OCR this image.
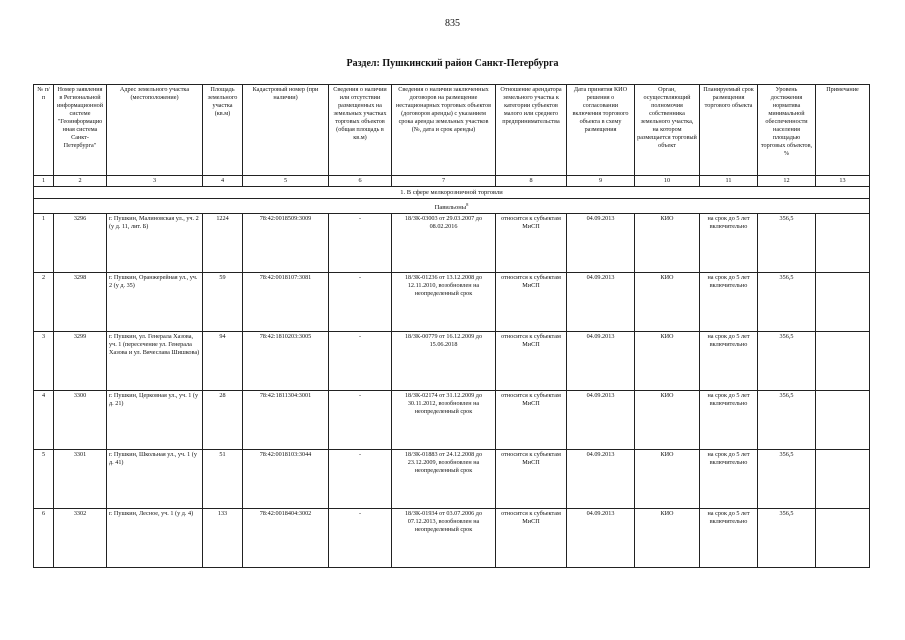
835
Раздел: Пушкинский район Санкт-Петербурга
№ п/п	Номер заявления в Региональной информационной системе "Геоинформацио нная система Санкт-Петербурга"	Адрес земельного участка (местоположение)	Площадь земельного участка (кв.м)	Кадастровый номер (при наличии)	Сведения о наличии или отсутствии размещенных на земельных участках торговых объектов (общая площадь в кв.м)	Сведения о наличии заключенных договоров на размещение нестационарных торговых объектов (договоров аренды) с указанием срока аренды земельных участков (№, дата и срок аренды)	Отношение арендатора земельного участка к категории субъектов малого или среднего предпринимательства	Дата принятия КИО решения о согласовании включения торгового объекта в схему размещения	Орган, осуществляющий полномочия собственника земельного участка, на котором размещается торговый объект	Планируемый срок размещения торгового объекта	Уровень достижения норматива минимальной обеспеченности населения площадью торговых объектов, %	Примечание
1	2	3	4	5	6	7	8	9	10	11	12	13
1. В сфере мелкорозничной торговли												
Павильоны$^8$
1	3296	г. Пушкин, Малиновская ул., уч. 2 (у д. 11, лит. Б)	1224	78:42:0018509:3009	-	18/ЗК-03003 от 29.03.2007 до 08.02.2016	относится к субъектам МиСП	04.09.2013	КИО	на срок до 5 лет включительно	356,5	
2	3298	г. Пушкин, Оранжерейная ул., уч. 2 (у д. 35)	59	78:42:0018107:3081	-	18/ЗК-01236 от 13.12.2008 до 12.11.2010, возобновлен на неопределенный срок	относится к субъектам МиСП	04.09.2013	КИО	на срок до 5 лет включительно	356,5	
3	3299	г. Пушкин, ул. Генерала Хазова, уч. 1 (пересечение ул. Генерала Хазова и ул. Вячеслава Шишкова)	94	78:42:1810203:3005	-	18/ЗК-00779 от 16.12.2009 до 15.06.2018	относится к субъектам МиСП	04.09.2013	КИО	на срок до 5 лет включительно	356,5	
4	3300	г. Пушкин, Церковная ул., уч. 1 (у д. 21)	28	78:42:1811304:3001	-	18/ЗК-02174 от 31.12.2009 до 30.11.2012, возобновлен на неопределенный срок	относится к субъектам МиСП	04.09.2013	КИО	на срок до 5 лет включительно	356,5	
5	3301	г. Пушкин, Школьная ул., уч. 1 (у д. 41)	51	78:42:0018103:3044	-	18/ЗК-01883 от 24.12.2008 до 23.12.2009, возобновлен на неопределенный срок	относится к субъектам МиСП	04.09.2013	КИО	на срок до 5 лет включительно	356,5	
6	3302	г. Пушкин, Лесное, уч. 1 (у д. 4)	133	78:42:0018404:3002	-	18/ЗК-01934 от 03.07.2006 до 07.12.2013, возобновлен на неопределенный срок	относится к субъектам МиСП	04.09.2013	КИО	на срок до 5 лет включительно	356,5	
